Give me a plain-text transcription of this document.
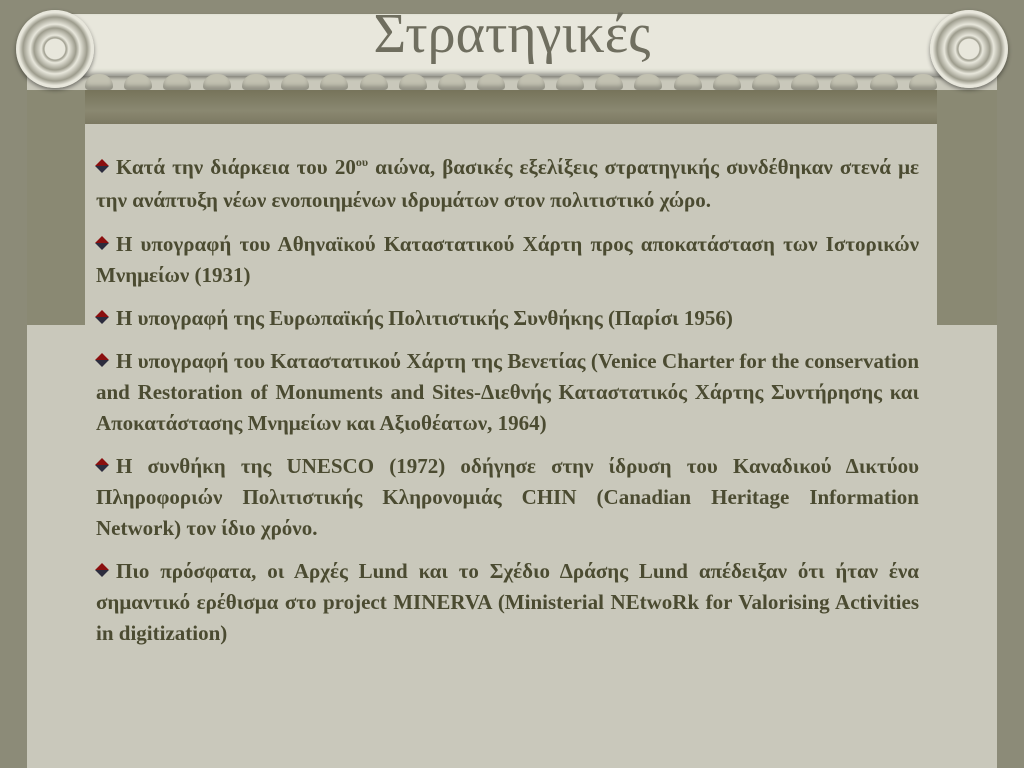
Στρατηγικές

Κατά την διάρκεια του $20^{o\upsilon}$ αιώνα, βασικές εξελίξεις στρατηγικής συνδέθηκαν στενά με την ανάπτυξη νέων ενοποιημένων ιδρυμάτων στον πολιτιστικό χώρο.

Η υπογραφή του Αθηναϊκού Καταστατικού Χάρτη προς αποκατάσταση των Ιστορικών Μνημείων (1931)

Η υπογραφή της Ευρωπαϊκής Πολιτιστικής Συνθήκης (Παρίσι 1956)

Η υπογραφή του Καταστατικού Χάρτη της Βενετίας (Venice Charter for the conservation and Restoration of Monuments and Sites-Διεθνής Καταστατικός Χάρτης Συντήρησης και Αποκατάστασης Μνημείων και Αξιοθέατων, 1964)

Η συνθήκη της UNESCO (1972) οδήγησε στην ίδρυση του Καναδικού Δικτύου Πληροφοριών Πολιτιστικής Κληρονομιάς CHIN (Canadian Heritage Information Network) τον ίδιο χρόνο.

Πιο πρόσφατα, οι Αρχές Lund και το Σχέδιο Δράσης Lund απέδειξαν ότι ήταν ένα σημαντικό ερέθισμα στο project MINERVA (Ministerial NEtwoRk for Valorising Activities in digitization)
